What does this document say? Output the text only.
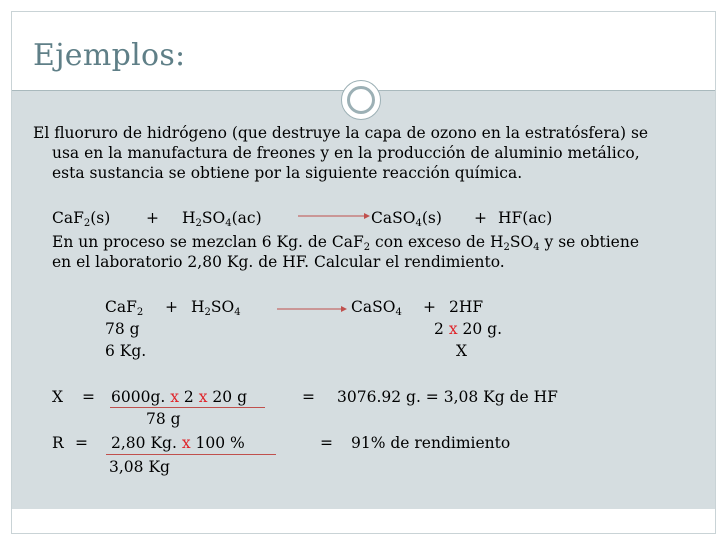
Ejemplos:
El fluoruro de hidrógeno (que destruye la capa de ozono en la estratósfera) se
usa en la manufactura de freones y en la producción de aluminio metálico,
esta sustancia se obtiene por la siguiente reacción química.
$CaF_2(s) + H_2SO_4(ac)$	CaSO$_4$(s) + HF(ac)
En un proceso se mezclan 6 Kg. de CaF$_2$ con exceso de $H_2SO_4$ y se obtiene
en el laboratorio 2,80 Kg. de HF. Calcular el rendimiento.
$CaF_2 + H_2SO_4$	CaSO$_4$ + 2HF
78 g	2 x 20 g.
6 Kg.	X
X = 6000g. x 2 x 20 g	= 3076.92 g. = 3,08 Kg de HF
78 g
R = 2,80 Kg. x 100 %	= 91% de rendimiento
3,08 Kg
